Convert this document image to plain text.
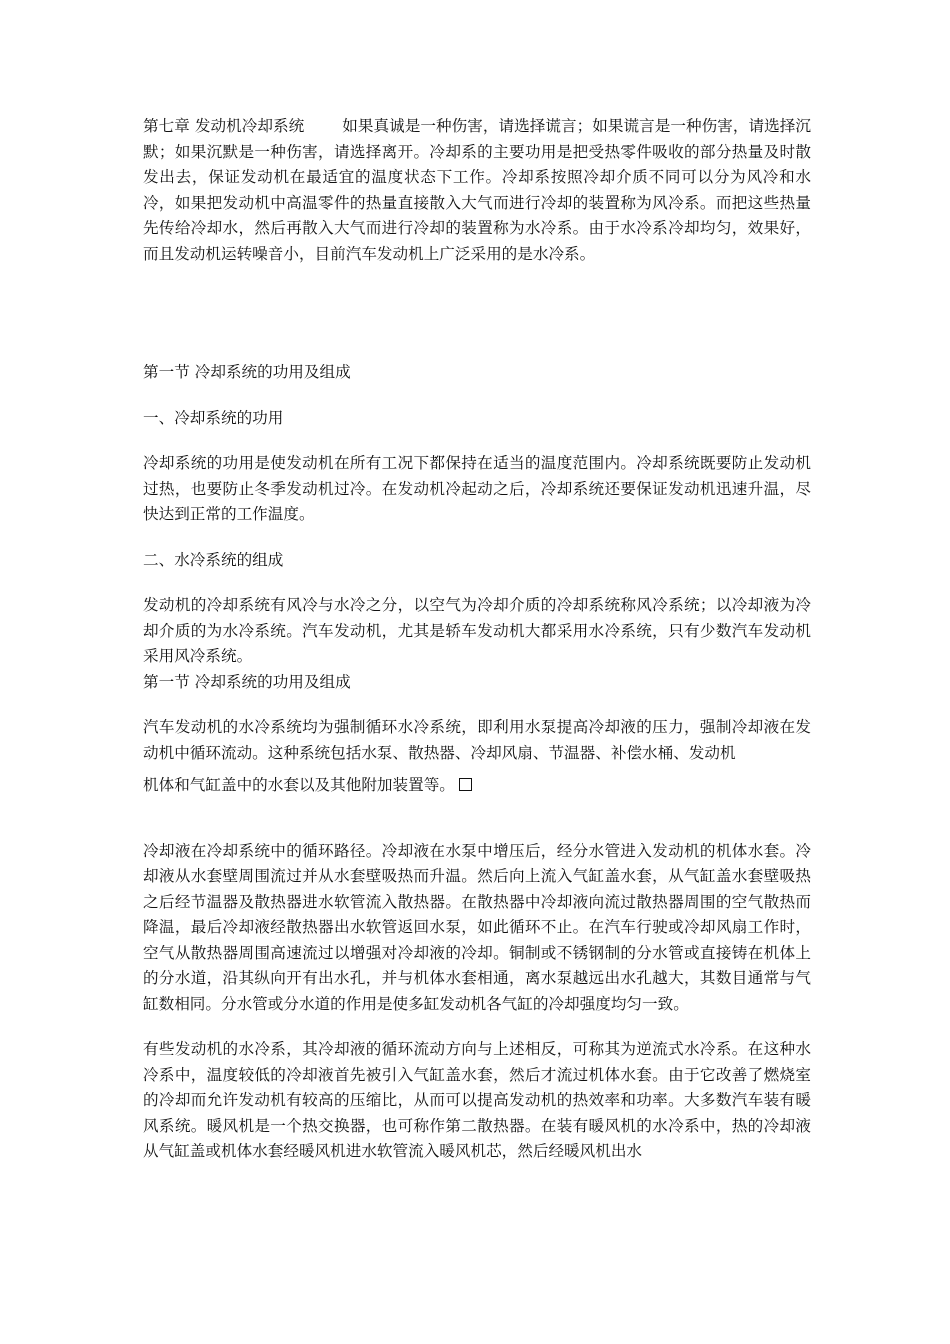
第七章 发动机冷却系统 如果真诚是一种伤害，请选择谎言；如果谎言是一种伤害，请选择沉默；如果沉默是一种伤害，请选择离开。冷却系的主要功用是把受热零件吸收的部分热量及时散发出去，保证发动机在最适宜的温度状态下工作。冷却系按照冷却介质不同可以分为风冷和水冷，如果把发动机中高温零件的热量直接散入大气而进行冷却的装置称为风冷系。而把这些热量先传给冷却水，然后再散入大气而进行冷却的装置称为水冷系。由于水冷系冷却均匀，效果好，而且发动机运转噪音小，目前汽车发动机上广泛采用的是水冷系。

第一节 冷却系统的功用及组成

一、冷却系统的功用

冷却系统的功用是使发动机在所有工况下都保持在适当的温度范围内。冷却系统既要防止发动机过热，也要防止冬季发动机过冷。在发动机冷起动之后，冷却系统还要保证发动机迅速升温，尽快达到正常的工作温度。

二、水冷系统的组成

发动机的冷却系统有风冷与水冷之分，以空气为冷却介质的冷却系统称风冷系统；以冷却液为冷却介质的为水冷系统。汽车发动机，尤其是轿车发动机大都采用水冷系统，只有少数汽车发动机采用风冷系统。

第一节 冷却系统的功用及组成

汽车发动机的水冷系统均为强制循环水冷系统，即利用水泵提高冷却液的压力，强制冷却液在发动机中循环流动。这种系统包括水泵、散热器、冷却风扇、节温器、补偿水桶、发动机

机体和气缸盖中的水套以及其他附加装置等。

冷却液在冷却系统中的循环路径。冷却液在水泵中增压后，经分水管进入发动机的机体水套。冷却液从水套壁周围流过并从水套壁吸热而升温。然后向上流入气缸盖水套，从气缸盖水套壁吸热之后经节温器及散热器进水软管流入散热器。在散热器中冷却液向流过散热器周围的空气散热而降温，最后冷却液经散热器出水软管返回水泵，如此循环不止。在汽车行驶或冷却风扇工作时，空气从散热器周围高速流过以增强对冷却液的冷却。铜制或不锈钢制的分水管或直接铸在机体上的分水道，沿其纵向开有出水孔，并与机体水套相通，离水泵越远出水孔越大，其数目通常与气缸数相同。分水管或分水道的作用是使多缸发动机各气缸的冷却强度均匀一致。

有些发动机的水冷系，其冷却液的循环流动方向与上述相反，可称其为逆流式水冷系。在这种水冷系中，温度较低的冷却液首先被引入气缸盖水套，然后才流过机体水套。由于它改善了燃烧室的冷却而允许发动机有较高的压缩比，从而可以提高发动机的热效率和功率。大多数汽车装有暖风系统。暖风机是一个热交换器，也可称作第二散热器。在装有暖风机的水冷系中，热的冷却液从气缸盖或机体水套经暖风机进水软管流入暖风机芯，然后经暖风机出水
